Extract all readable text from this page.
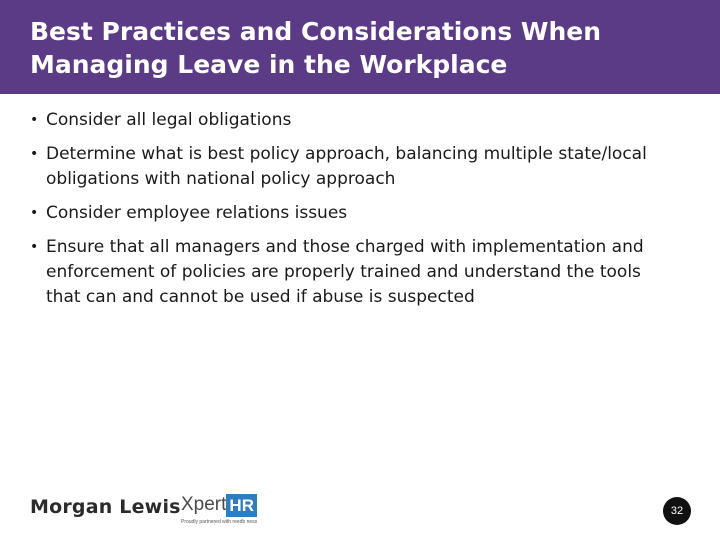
Best Practices and Considerations When Managing Leave in the Workplace
• Consider all legal obligations
• Determine what is best policy approach, balancing multiple state/local obligations with national policy approach
• Consider employee relations issues
• Ensure that all managers and those charged with implementation and enforcement of policies are properly trained and understand the tools that can and cannot be used if abuse is suspected
Morgan Lewis Xpert HR
Proudly partnered with reedb ness
32
